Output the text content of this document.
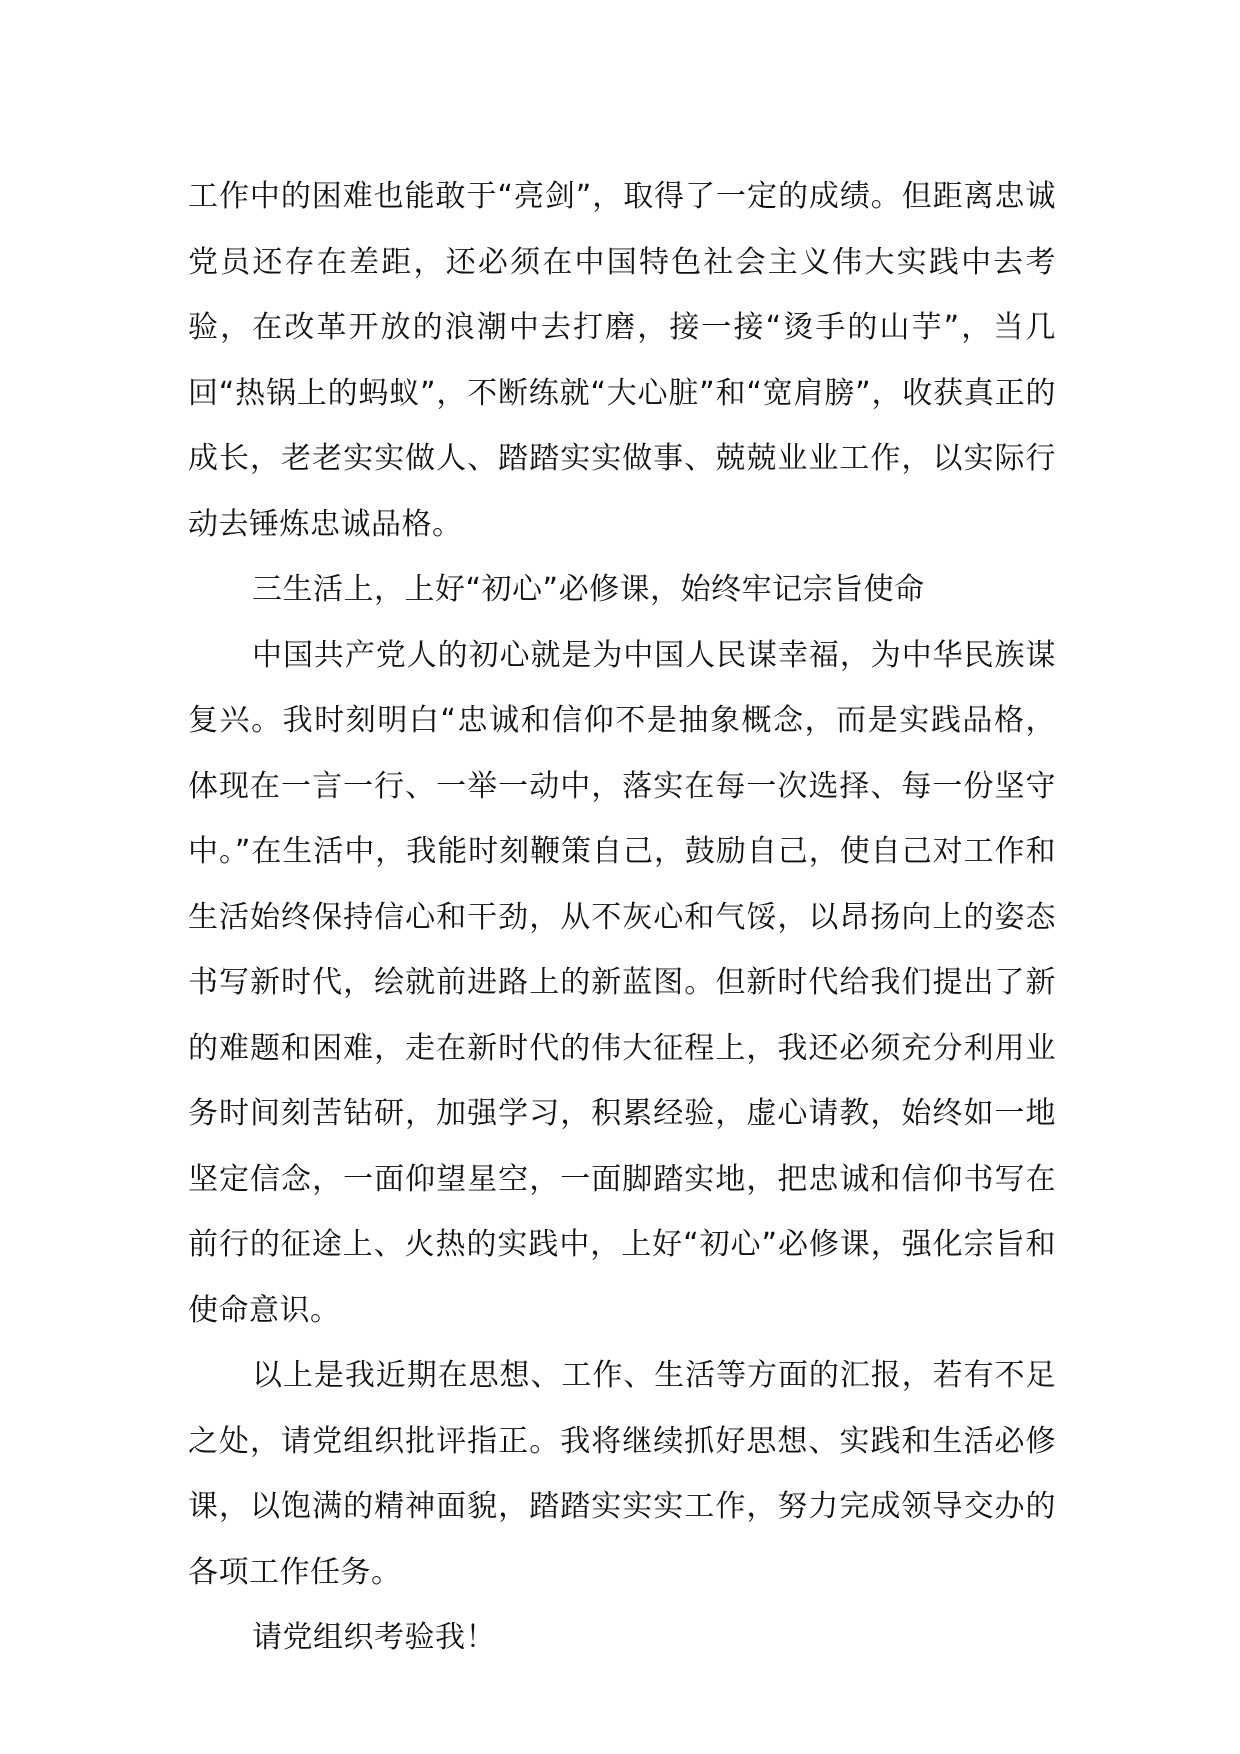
工作中的困难也能敢于“亮剑”，取得了一定的成绩。但距离忠诚党员还存在差距，还必须在中国特色社会主义伟大实践中去考验，在改革开放的浪潮中去打磨，接一接“烫手的山芋”，当几回“热锅上的蚂蚁”，不断练就“大心脏”和“宽肩膀”，收获真正的成长，老老实实做人、踏踏实实做事、兢兢业业工作，以实际行动去锤炼忠诚品格。

三生活上，上好“初心”必修课，始终牢记宗旨使命

中国共产党人的初心就是为中国人民谋幸福，为中华民族谋复兴。我时刻明白“忠诚和信仰不是抽象概念，而是实践品格，体现在一言一行、一举一动中，落实在每一次选择、每一份坚守中。”在生活中，我能时刻鞭策自己，鼓励自己，使自己对工作和生活始终保持信心和干劲，从不灰心和气馁，以昂扬向上的姿态书写新时代，绘就前进路上的新蓝图。但新时代给我们提出了新的难题和困难，走在新时代的伟大征程上，我还必须充分利用业务时间刻苦钻研，加强学习，积累经验，虚心请教，始终如一地坚定信念，一面仰望星空，一面脚踏实地，把忠诚和信仰书写在前行的征途上、火热的实践中，上好“初心”必修课，强化宗旨和使命意识。

以上是我近期在思想、工作、生活等方面的汇报，若有不足之处，请党组织批评指正。我将继续抓好思想、实践和生活必修课，以饱满的精神面貌，踏踏实实实工作，努力完成领导交办的各项工作任务。

请党组织考验我！
